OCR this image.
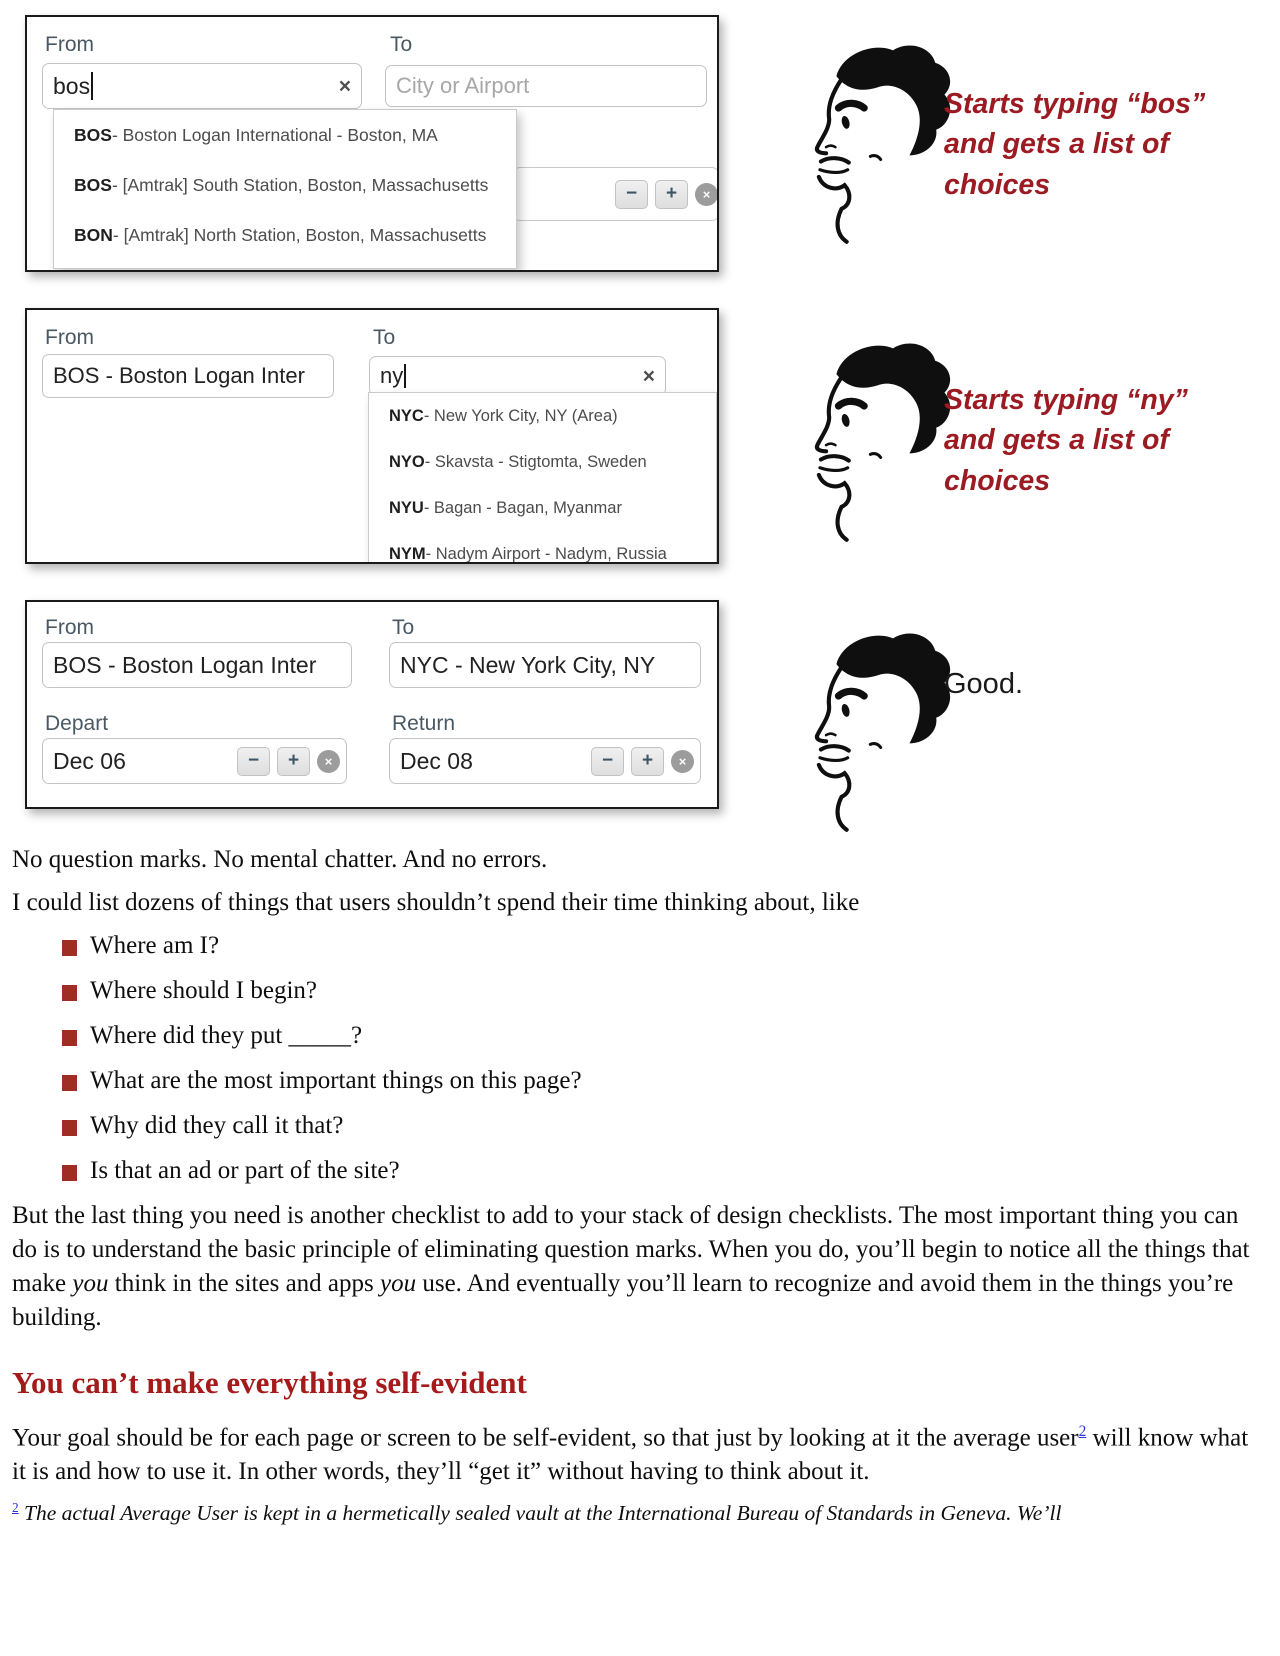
From
bos	×
To
City or Airport
−	+	×
BOS - Boston Logan International - Boston, MA
BOS - [Amtrak] South Station, Boston, Massachusetts
BON - [Amtrak] North Station, Boston, Massachusetts
Starts typing “bos”
and gets a list of
choices
From
BOS - Boston Logan Inter
To
ny	×
NYC - New York City, NY (Area)
NYO - Skavsta - Stigtomta, Sweden
NYU - Bagan - Bagan, Myanmar
NYM - Nadym Airport - Nadym, Russia
Starts typing “ny”
and gets a list of
choices
From
BOS - Boston Logan Inter
To
NYC - New York City, NY
Depart
Dec 06	−	+	×
Return
Dec 08	−	+	×
Good.

No question marks. No mental chatter. And no errors.

I could list dozens of things that users shouldn’t spend their time thinking about, like

Where am I?
Where should I begin?
Where did they put _____?
What are the most important things on this page?
Why did they call it that?
Is that an ad or part of the site?

But the last thing you need is another checklist to add to your stack of design checklists. The most important thing you can do is to understand the basic principle of eliminating question marks. When you do, you’ll begin to notice all the things that make you think in the sites and apps you use. And eventually you’ll learn to recognize and avoid them in the things you’re building.

You can’t make everything self-evident

Your goal should be for each page or screen to be self-evident, so that just by looking at it the average user$^2$ will know what it is and how to use it. In other words, they’ll “get it” without having to think about it.

$^2$ The actual Average User is kept in a hermetically sealed vault at the International Bureau of Standards in Geneva. We’ll
